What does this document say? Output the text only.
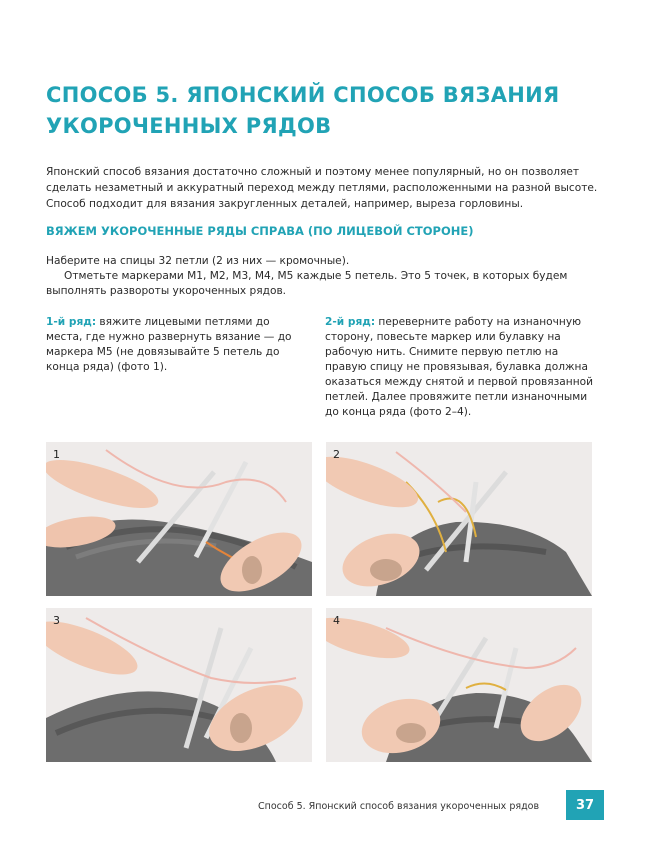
СПОСОБ 5. ЯПОНСКИЙ СПОСОБ ВЯЗАНИЯ УКОРОЧЕННЫХ РЯДОВ

Японский способ вязания достаточно сложный и поэтому менее популярный, но он позволяет сделать незаметный и аккуратный переход между петлями, расположенными на разной высоте. Способ подходит для вязания закругленных деталей, например, выреза горловины.

ВЯЖЕМ УКОРОЧЕННЫЕ РЯДЫ СПРАВА (ПО ЛИЦЕВОЙ СТОРОНЕ)
Наберите на спицы 32 петли (2 из них — кромочные).
Отметьте маркерами М1, М2, М3, М4, М5 каждые 5 петель. Это 5 точек, в которых будем выполнять развороты укороченных рядов.

1-й ряд: вяжите лицевыми петлями до места, где нужно развернуть вязание — до маркера М5 (не довязывайте 5 петель до конца ряда) (фото 1).

2-й ряд: переверните работу на изнаночную сторону, повесьте маркер или булавку на рабочую нить. Снимите первую петлю на правую спицу не провязывая, булавка должна оказаться между снятой и первой провязанной петлей. Далее провяжите петли изнаночными до конца ряда (фото 2–4).

1	2
3	4
Способ 5. Японский способ вязания укороченных рядов	37
